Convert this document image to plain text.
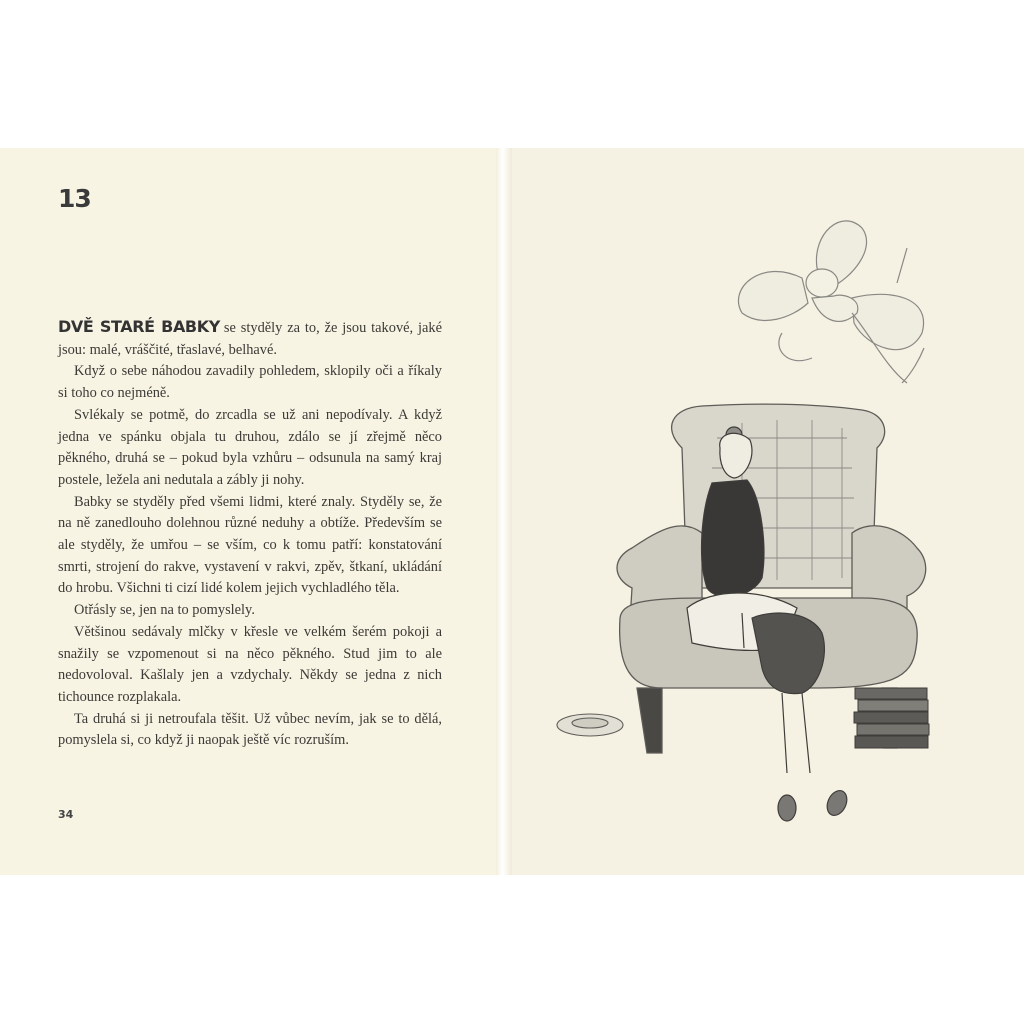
13

DVĚ STARÉ BABKY se styděly za to, že jsou takové, jaké jsou: malé, vráščité, třaslavé, belhavé.

Když o sebe náhodou zavadily pohledem, sklopily oči a říkaly si toho co nejméně.

Svlékaly se potmě, do zrcadla se už ani nepodívaly. A když jedna ve spánku objala tu druhou, zdálo se jí zřejmě něco pěkného, druhá se – pokud byla vzhůru – odsunula na samý kraj postele, ležela ani nedutala a zábly ji nohy.

Babky se styděly před všemi lidmi, které znaly. Styděly se, že na ně zanedlouho dolehnou různé neduhy a obtíže. Především se ale styděly, že umřou – se vším, co k tomu patří: konstatování smrti, strojení do rakve, vystavení v rakvi, zpěv, štkaní, ukládání do hrobu. Všichni ti cizí lidé kolem jejich vychladlého těla.

Otřásly se, jen na to pomyslely.

Většinou sedávaly mlčky v křesle ve velkém šerém pokoji a snažily se vzpomenout si na něco pěkného. Stud jim to ale nedovoloval. Kašlaly jen a vzdychaly. Někdy se jedna z nich tichounce rozplakala.

Ta druhá si ji netroufala těšit. Už vůbec nevím, jak se to dělá, pomyslela si, co když ji naopak ještě víc rozruším.

34
